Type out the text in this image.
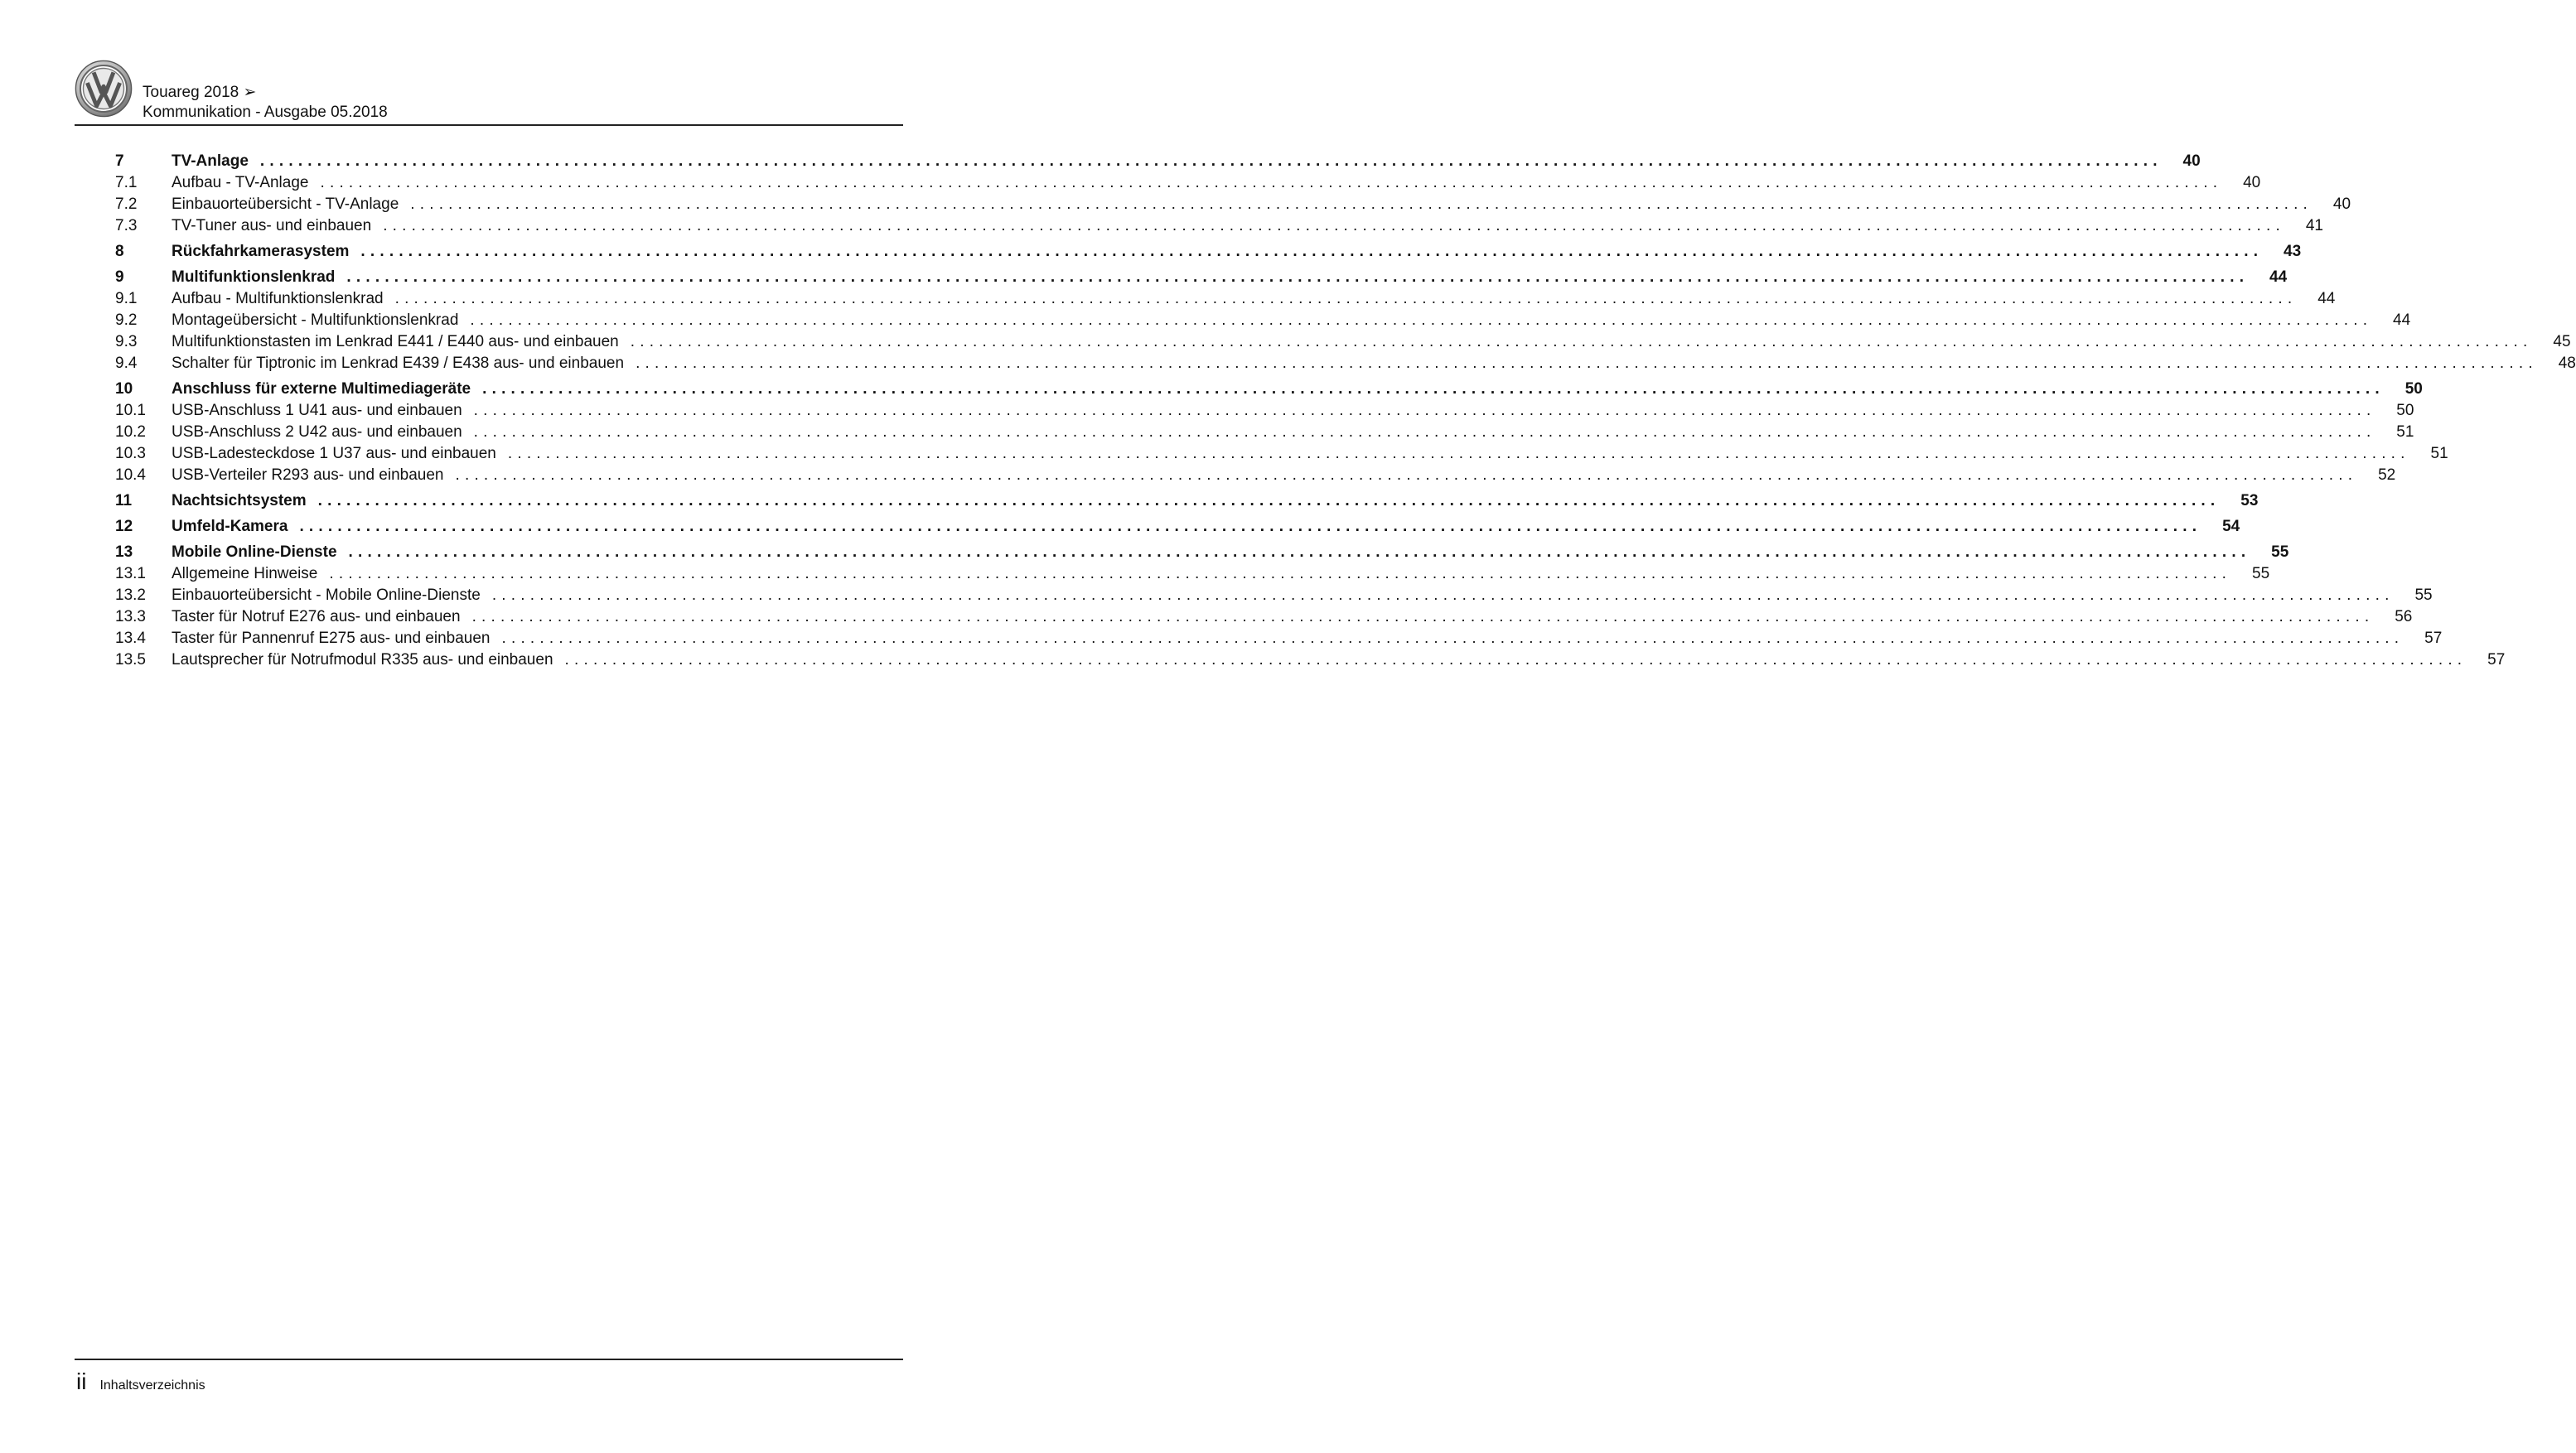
Touareg 2018 ➢
Kommunikation - Ausgabe 05.2018
7	TV-Anlage ........................................................................................................................................................................................................	40
7.1	Aufbau - TV-Anlage ........................................................................................................................................................................................................	40
7.2	Einbauorteübersicht - TV-Anlage ........................................................................................................................................................................................................	40
7.3	TV-Tuner aus- und einbauen ........................................................................................................................................................................................................	41
8	Rückfahrkamerasystem ........................................................................................................................................................................................................	43
9	Multifunktionslenkrad ........................................................................................................................................................................................................	44
9.1	Aufbau - Multifunktionslenkrad ........................................................................................................................................................................................................	44
9.2	Montageübersicht - Multifunktionslenkrad ........................................................................................................................................................................................................	44
9.3	Multifunktionstasten im Lenkrad E441 / E440 aus- und einbauen ........................................................................................................................................................................................................	45
9.4	Schalter für Tiptronic im Lenkrad E439 / E438 aus- und einbauen ........................................................................................................................................................................................................	48
10	Anschluss für externe Multimediageräte ........................................................................................................................................................................................................	50
10.1	USB-Anschluss 1 U41 aus- und einbauen ........................................................................................................................................................................................................	50
10.2	USB-Anschluss 2 U42 aus- und einbauen ........................................................................................................................................................................................................	51
10.3	USB-Ladesteckdose 1 U37 aus- und einbauen ........................................................................................................................................................................................................	51
10.4	USB-Verteiler R293 aus- und einbauen ........................................................................................................................................................................................................	52
11	Nachtsichtsystem ........................................................................................................................................................................................................	53
12	Umfeld-Kamera ........................................................................................................................................................................................................	54
13	Mobile Online-Dienste ........................................................................................................................................................................................................	55
13.1	Allgemeine Hinweise ........................................................................................................................................................................................................	55
13.2	Einbauorteübersicht - Mobile Online-Dienste ........................................................................................................................................................................................................	55
13.3	Taster für Notruf E276 aus- und einbauen ........................................................................................................................................................................................................	56
13.4	Taster für Pannenruf E275 aus- und einbauen ........................................................................................................................................................................................................	57
13.5	Lautsprecher für Notrufmodul R335 aus- und einbauen ........................................................................................................................................................................................................	57
ii Inhaltsverzeichnis
